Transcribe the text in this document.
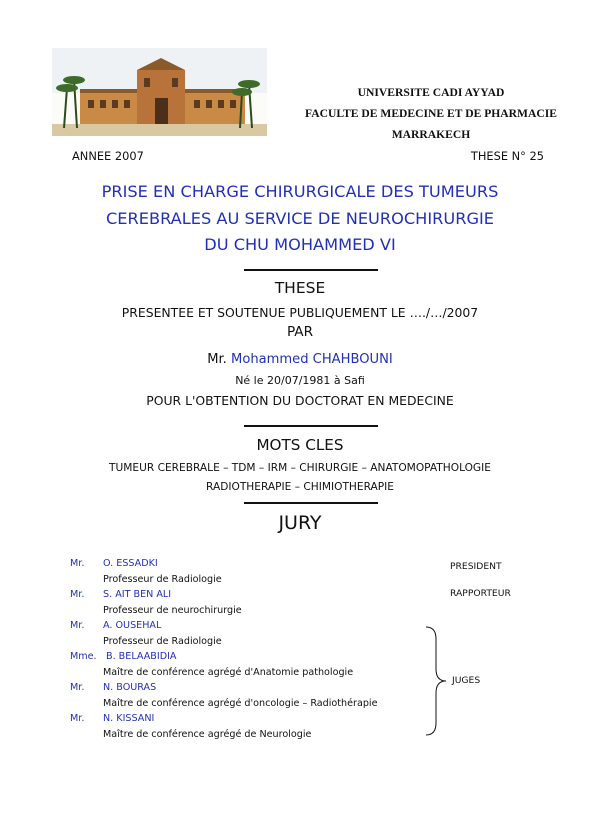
UNIVERSITE CADI AYYAD
FACULTE DE MEDECINE ET DE PHARMACIE
MARRAKECH
ANNEE 2007	THESE N° 25
PRISE EN CHARGE CHIRURGICALE DES TUMEURS
CEREBRALES AU SERVICE DE NEUROCHIRURGIE
DU CHU MOHAMMED VI
THESE
PRESENTEE ET SOUTENUE PUBLIQUEMENT LE …./…/2007
PAR
Mr. Mohammed CHAHBOUNI
Né le 20/07/1981 à Safi
POUR L'OBTENTION DU DOCTORAT EN MEDECINE
MOTS CLES
TUMEUR CEREBRALE – TDM – IRM – CHIRURGIE – ANATOMOPATHOLOGIE
RADIOTHERAPIE – CHIMIOTHERAPIE
JURY
Mr. O. ESSADKI
Professeur de Radiologie
Mr. S. AIT BEN ALI
Professeur de neurochirurgie
Mr. A. OUSEHAL
Professeur de Radiologie
Mme. B. BELAABIDIA
Maître de conférence agrégé d'Anatomie pathologie
Mr. N. BOURAS
Maître de conférence agrégé d'oncologie – Radiothérapie
Mr. N. KISSANI
Maître de conférence agrégé de Neurologie
PRESIDENT
RAPPORTEUR
JUGES
